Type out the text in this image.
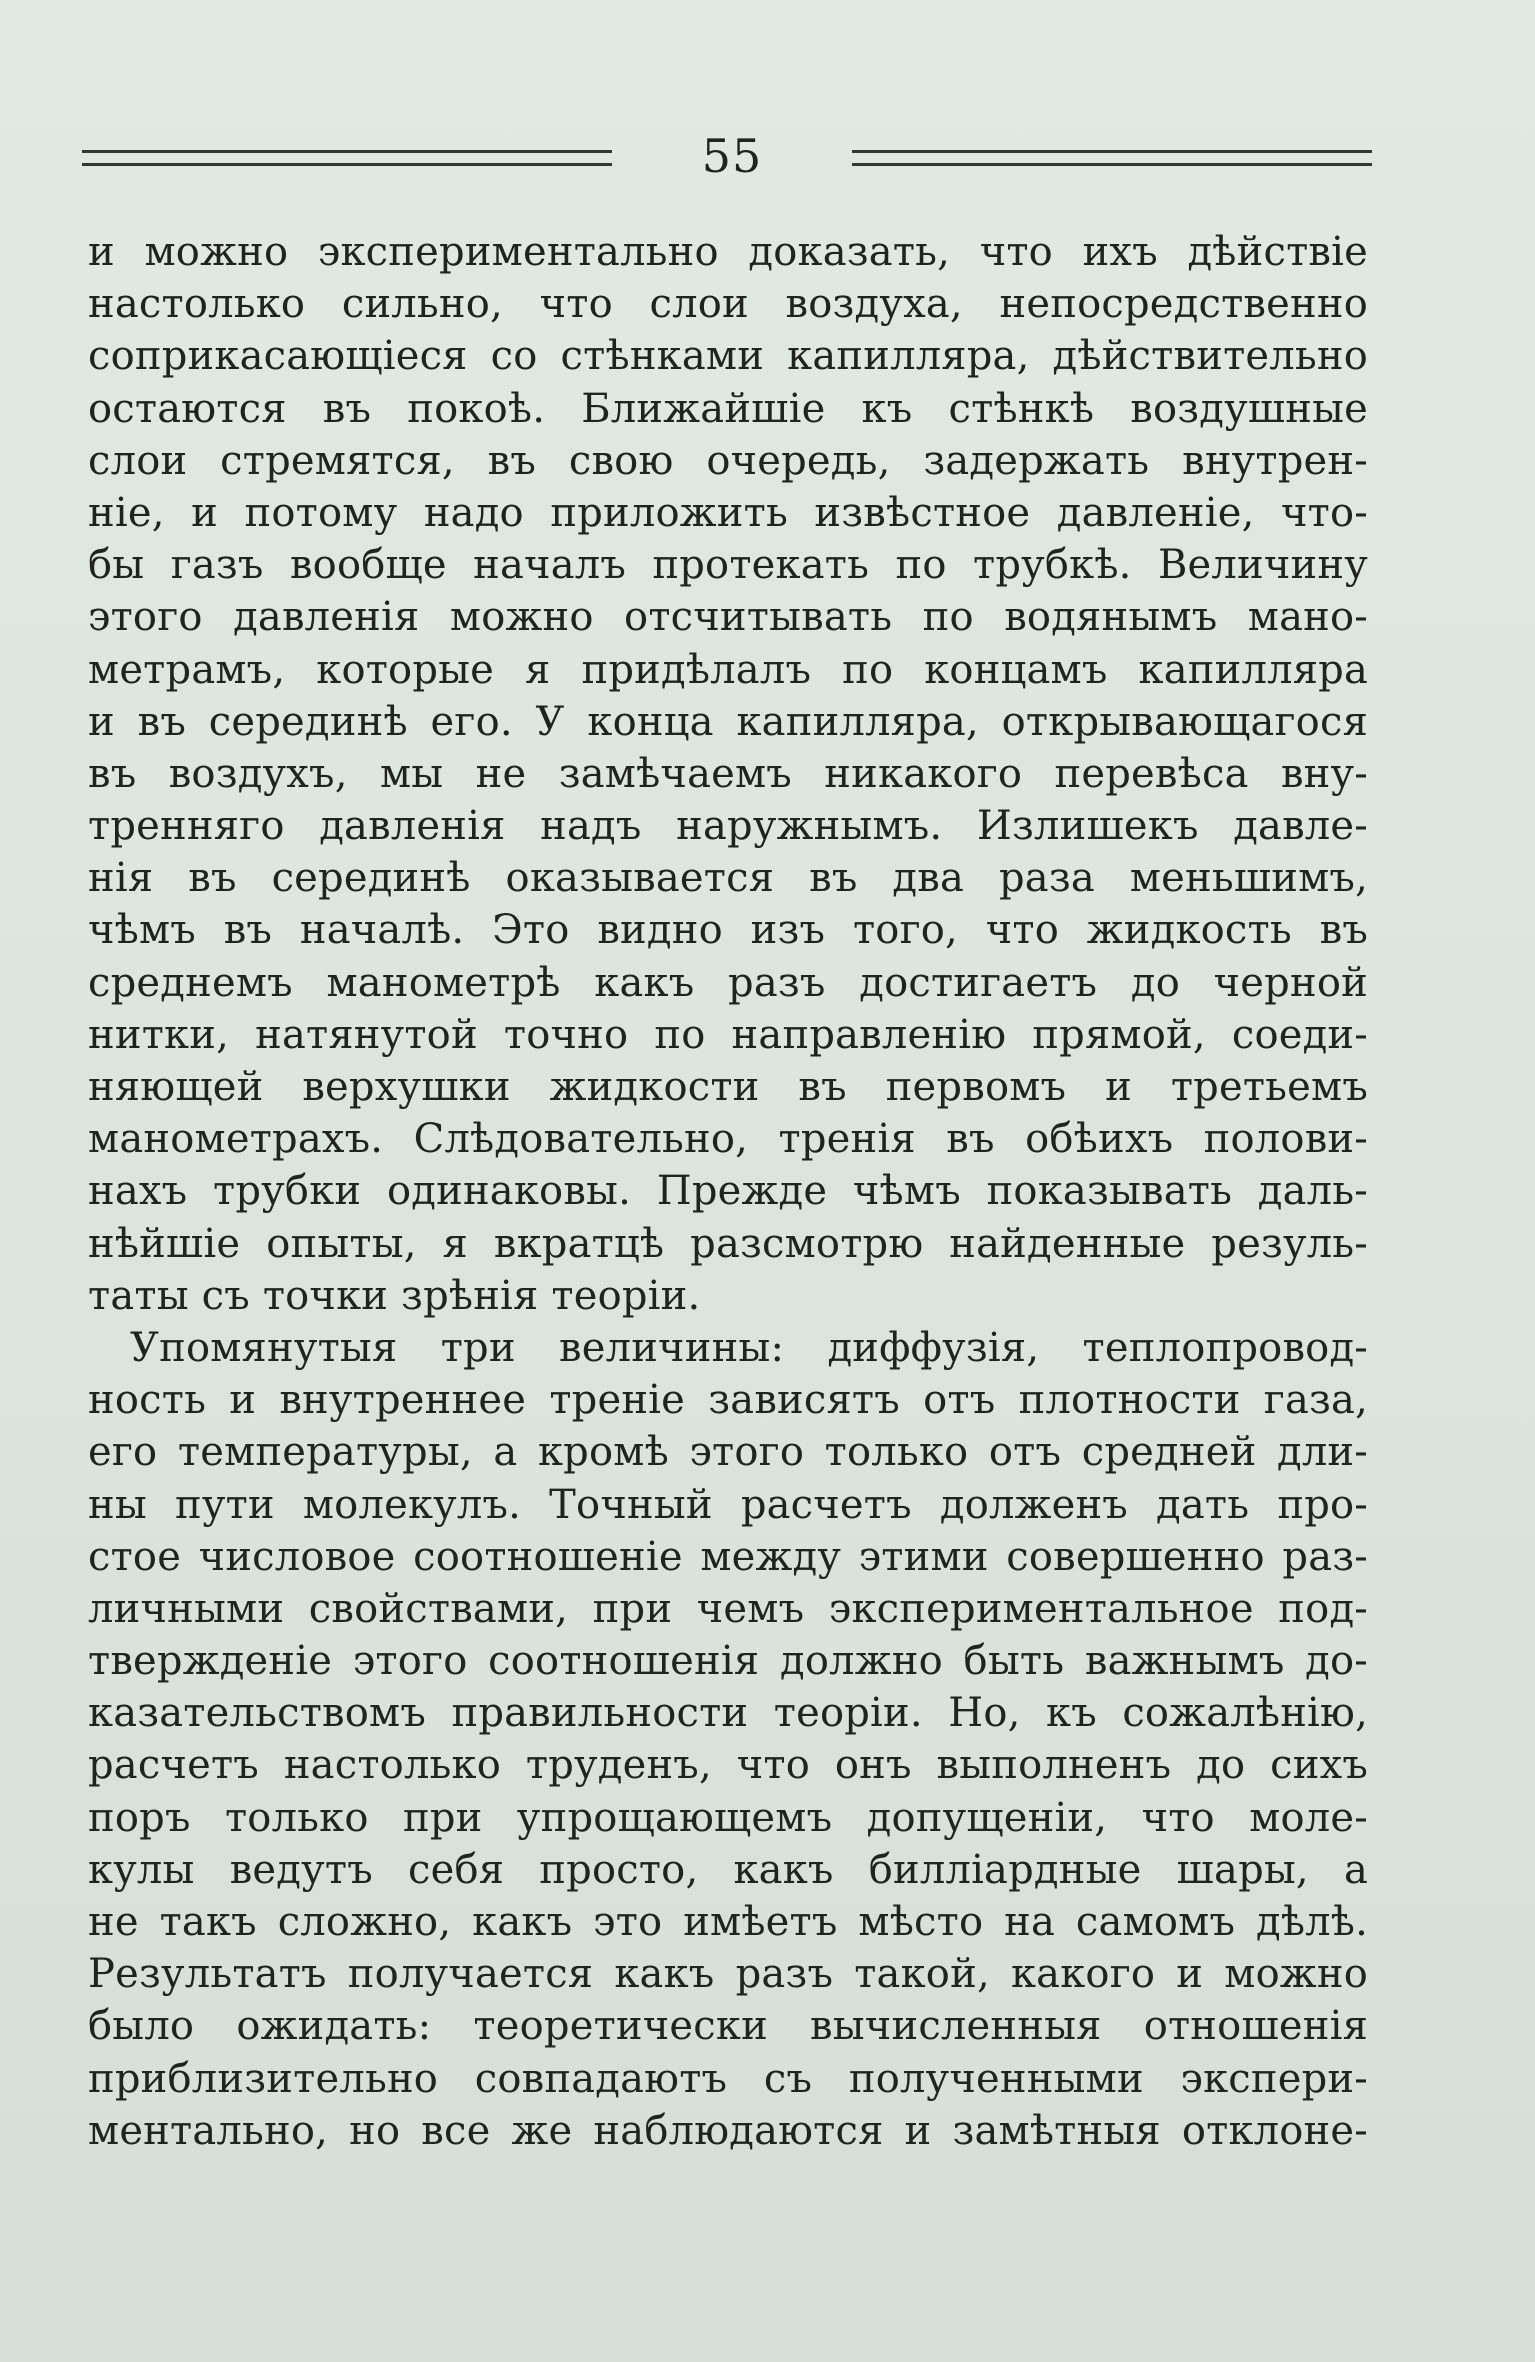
55
и можно экспериментально доказать, что ихъ дѣйствіе
настолько сильно, что слои воздуха, непосредственно
соприкасающіеся со стѣнками капилляра, дѣйствительно
остаются въ покоѣ. Ближайшіе къ стѣнкѣ воздушные
слои стремятся, въ свою очередь, задержать внутрен-
ніе, и потому надо приложить извѣстное давленіе, что-
бы газъ вообще началъ протекать по трубкѣ. Величину
этого давленія можно отсчитывать по водянымъ мано-
метрамъ, которые я придѣлалъ по концамъ капилляра
и въ серединѣ его. У конца капилляра, открывающагося
въ воздухъ, мы не замѣчаемъ никакого перевѣса вну-
тренняго давленія надъ наружнымъ. Излишекъ давле-
нія въ серединѣ оказывается въ два раза меньшимъ,
чѣмъ въ началѣ. Это видно изъ того, что жидкость въ
среднемъ манометрѣ какъ разъ достигаетъ до черной
нитки, натянутой точно по направленію прямой, соеди-
няющей верхушки жидкости въ первомъ и третьемъ
манометрахъ. Слѣдовательно, тренія въ обѣихъ полови-
нахъ трубки одинаковы. Прежде чѣмъ показывать даль-
нѣйшіе опыты, я вкратцѣ разсмотрю найденные резуль-
таты съ точки зрѣнія теоріи.
Упомянутыя три величины: диффузія, теплопровод-
ность и внутреннее треніе зависятъ отъ плотности газа,
его температуры, а кромѣ этого только отъ средней дли-
ны пути молекулъ. Точный расчетъ долженъ дать про-
стое числовое соотношеніе между этими совершенно раз-
личными свойствами, при чемъ экспериментальное под-
твержденіе этого соотношенія должно быть важнымъ до-
казательствомъ правильности теоріи. Но, къ сожалѣнію,
расчетъ настолько труденъ, что онъ выполненъ до сихъ
поръ только при упрощающемъ допущеніи, что моле-
кулы ведутъ себя просто, какъ билліардные шары, а
не такъ сложно, какъ это имѣетъ мѣсто на самомъ дѣлѣ.
Результатъ получается какъ разъ такой, какого и можно
было ожидать: теоретически вычисленныя отношенія
приблизительно совпадаютъ съ полученными экспери-
ментально, но все же наблюдаются и замѣтныя отклоне-
